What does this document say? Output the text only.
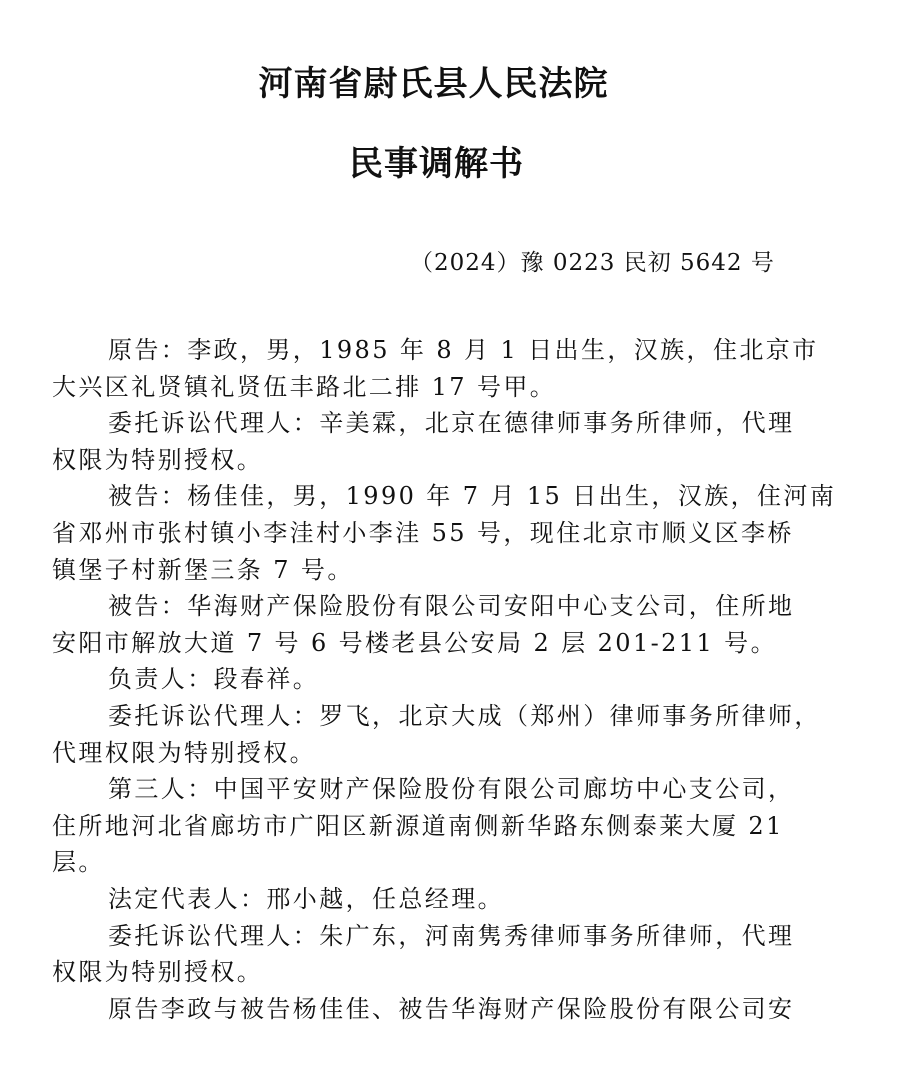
河南省尉氏县人民法院
民事调解书
（2024）豫 0223 民初 5642 号
原告：李政，男，1985 年 8 月 1 日出生，汉族，住北京市
大兴区礼贤镇礼贤伍丰路北二排 17 号甲。
委托诉讼代理人：辛美霖，北京在德律师事务所律师，代理
权限为特别授权。
被告：杨佳佳，男，1990 年 7 月 15 日出生，汉族，住河南
省邓州市张村镇小李洼村小李洼 55 号，现住北京市顺义区李桥
镇堡子村新堡三条 7 号。
被告：华海财产保险股份有限公司安阳中心支公司，住所地
安阳市解放大道 7 号 6 号楼老县公安局 2 层 201-211 号。
负责人：段春祥。
委托诉讼代理人：罗飞，北京大成（郑州）律师事务所律师，
代理权限为特别授权。
第三人：中国平安财产保险股份有限公司廊坊中心支公司，
住所地河北省廊坊市广阳区新源道南侧新华路东侧泰莱大厦 21
层。
法定代表人：邢小越，任总经理。
委托诉讼代理人：朱广东，河南隽秀律师事务所律师，代理
权限为特别授权。
原告李政与被告杨佳佳、被告华海财产保险股份有限公司安
